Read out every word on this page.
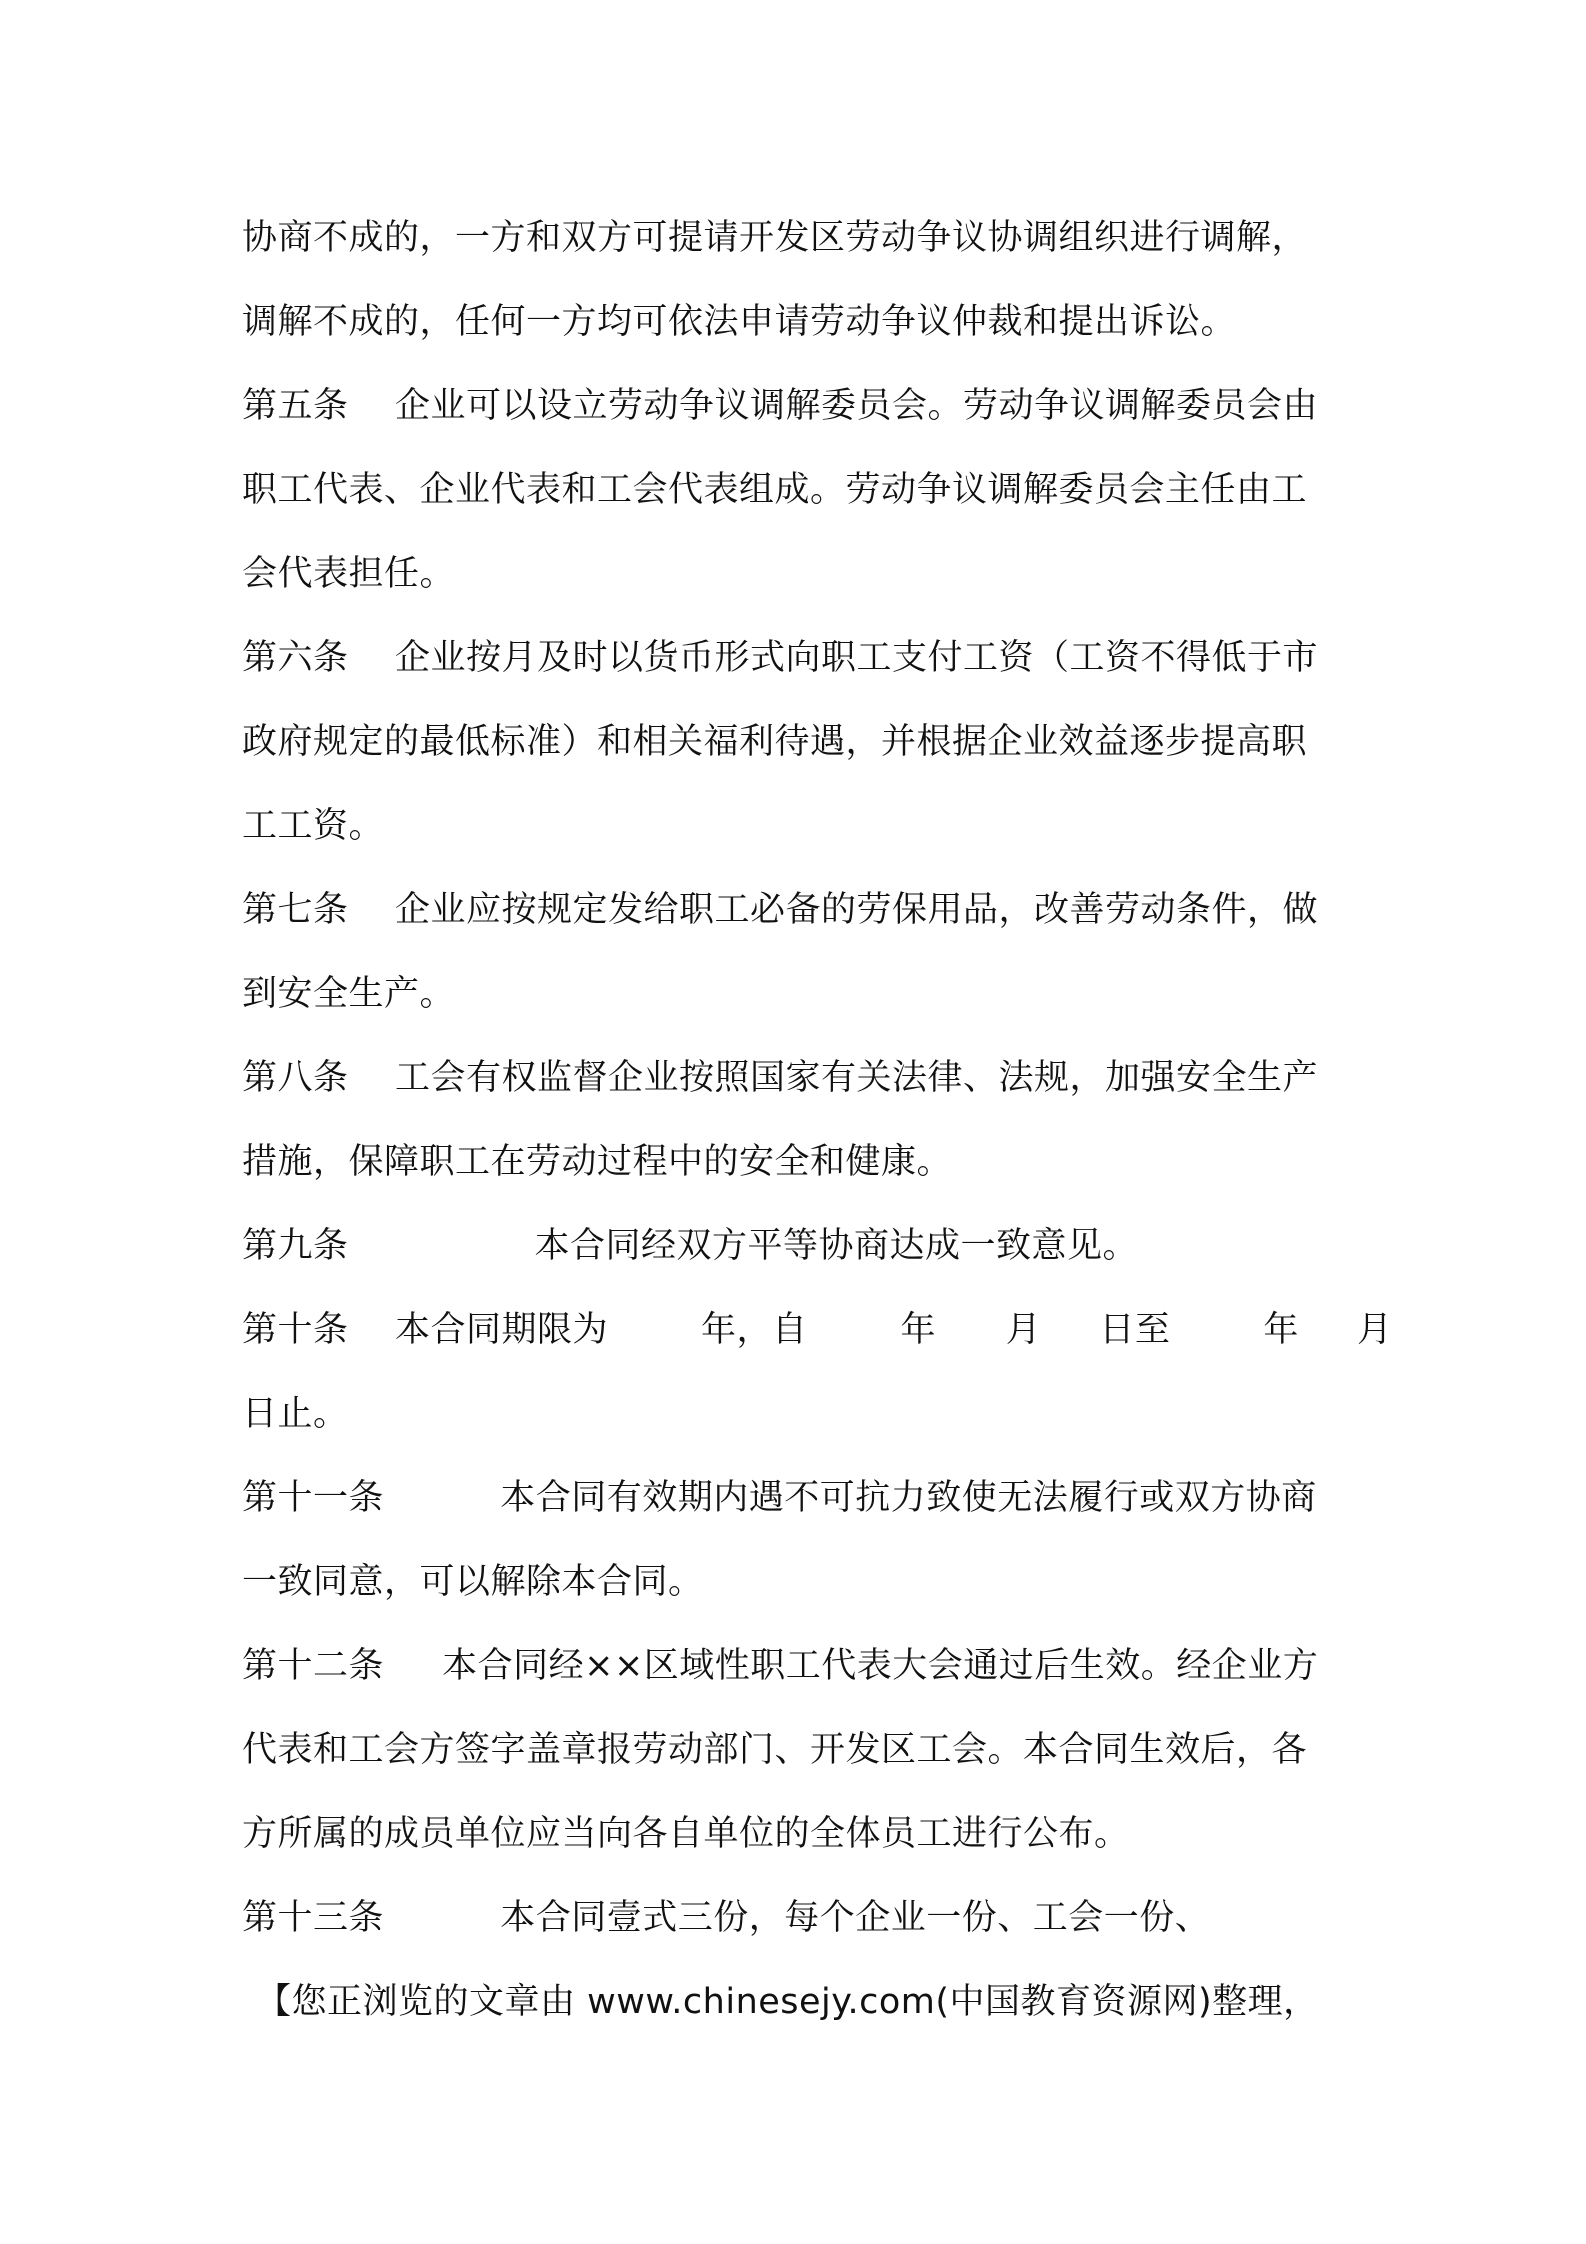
协商不成的，一方和双方可提请开发区劳动争议协调组织进行调解，
调解不成的，任何一方均可依法申请劳动争议仲裁和提出诉讼。
第五条    企业可以设立劳动争议调解委员会。劳动争议调解委员会由
职工代表、企业代表和工会代表组成。劳动争议调解委员会主任由工
会代表担任。
第六条    企业按月及时以货币形式向职工支付工资（工资不得低于市
政府规定的最低标准）和相关福利待遇，并根据企业效益逐步提高职
工工资。
第七条    企业应按规定发给职工必备的劳保用品，改善劳动条件，做
到安全生产。
第八条    工会有权监督企业按照国家有关法律、法规，加强安全生产
措施，保障职工在劳动过程中的安全和健康。
第九条                本合同经双方平等协商达成一致意见。
第十条    本合同期限为        年，自        年      月     日至        年     月
日止。
第十一条          本合同有效期内遇不可抗力致使无法履行或双方协商
一致同意，可以解除本合同。
第十二条     本合同经××区域性职工代表大会通过后生效。经企业方
代表和工会方签字盖章报劳动部门、开发区工会。本合同生效后，各
方所属的成员单位应当向各自单位的全体员工进行公布。
第十三条          本合同壹式三份，每个企业一份、工会一份、
【您正浏览的文章由 www.chinesejy.com(中国教育资源网)整理，
